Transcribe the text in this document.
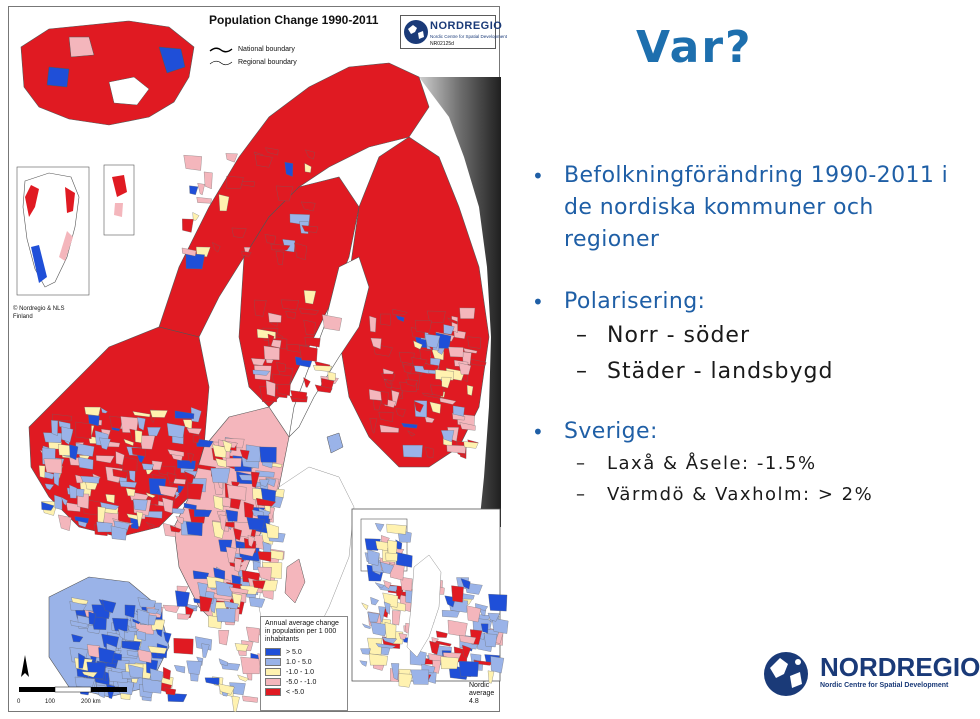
Population Change 1990-2011
National boundary
Regional boundary
NORDREGIO
Nordic Centre for Spatial Development
NR02125d
© Nordregio & NLS Finland
Annual average change in population per 1 000 inhabitants
> 5.0
1.0 - 5.0
-1.0 - 1.0
-5.0 - -1.0
< -5.0
Nordic average
4.8
0	100	200 km
Var?
• Befolkningförändring 1990-2011 i de nordiska kommuner och regioner
• Polarisering:
– Norr - söder
– Städer - landsbygd
• Sverige:
– Laxå & Åsele: -1.5%
– Värmdö & Vaxholm: > 2%
NORDREGIO
Nordic Centre for Spatial Development
